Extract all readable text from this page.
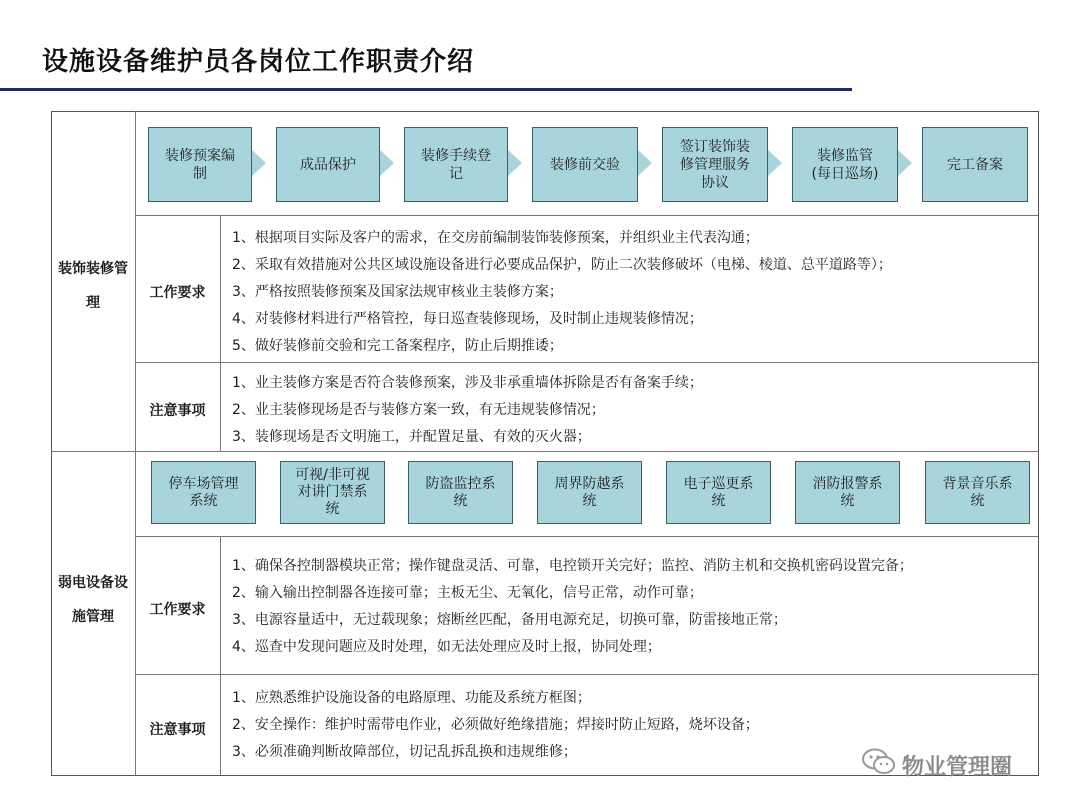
设施设备维护员各岗位工作职责介绍
装饰装修管
理
装修预案编
制
成品保护
装修手续登
记
装修前交验
签订装饰装
修管理服务
协议
装修监管
(每日巡场)
完工备案
工作要求
1、根据项目实际及客户的需求，在交房前编制装饰装修预案，并组织业主代表沟通；
2、采取有效措施对公共区域设施设备进行必要成品保护，防止二次装修破坏（电梯、棱道、总平道路等）；
3、严格按照装修预案及国家法规审核业主装修方案；
4、对装修材料进行严格管控，每日巡查装修现场，及时制止违规装修情况；
5、做好装修前交验和完工备案程序，防止后期推诿；
注意事项
1、业主装修方案是否符合装修预案，涉及非承重墙体拆除是否有备案手续；
2、业主装修现场是否与装修方案一致，有无违规装修情况；
3、装修现场是否文明施工，并配置足量、有效的灭火器；
弱电设备设
施管理
停车场管理
系统
可视/非可视
对讲门禁系
统
防盗监控系
统
周界防越系
统
电子巡更系
统
消防报警系
统
背景音乐系
统
工作要求
1、确保各控制器模块正常；操作键盘灵活、可靠，电控锁开关完好；监控、消防主机和交换机密码设置完备；
2、输入输出控制器各连接可靠；主板无尘、无氧化，信号正常，动作可靠；
3、电源容量适中，无过载现象；熔断丝匹配，备用电源充足，切换可靠，防雷接地正常；
4、巡查中发现问题应及时处理，如无法处理应及时上报，协同处理；
注意事项
1、应熟悉维护设施设备的电路原理、功能及系统方框图；
2、安全操作：维护时需带电作业，必须做好绝缘措施；焊接时防止短路，烧坏设备；
3、必须准确判断故障部位，切记乱拆乱换和违规维修；
物业管理圈
